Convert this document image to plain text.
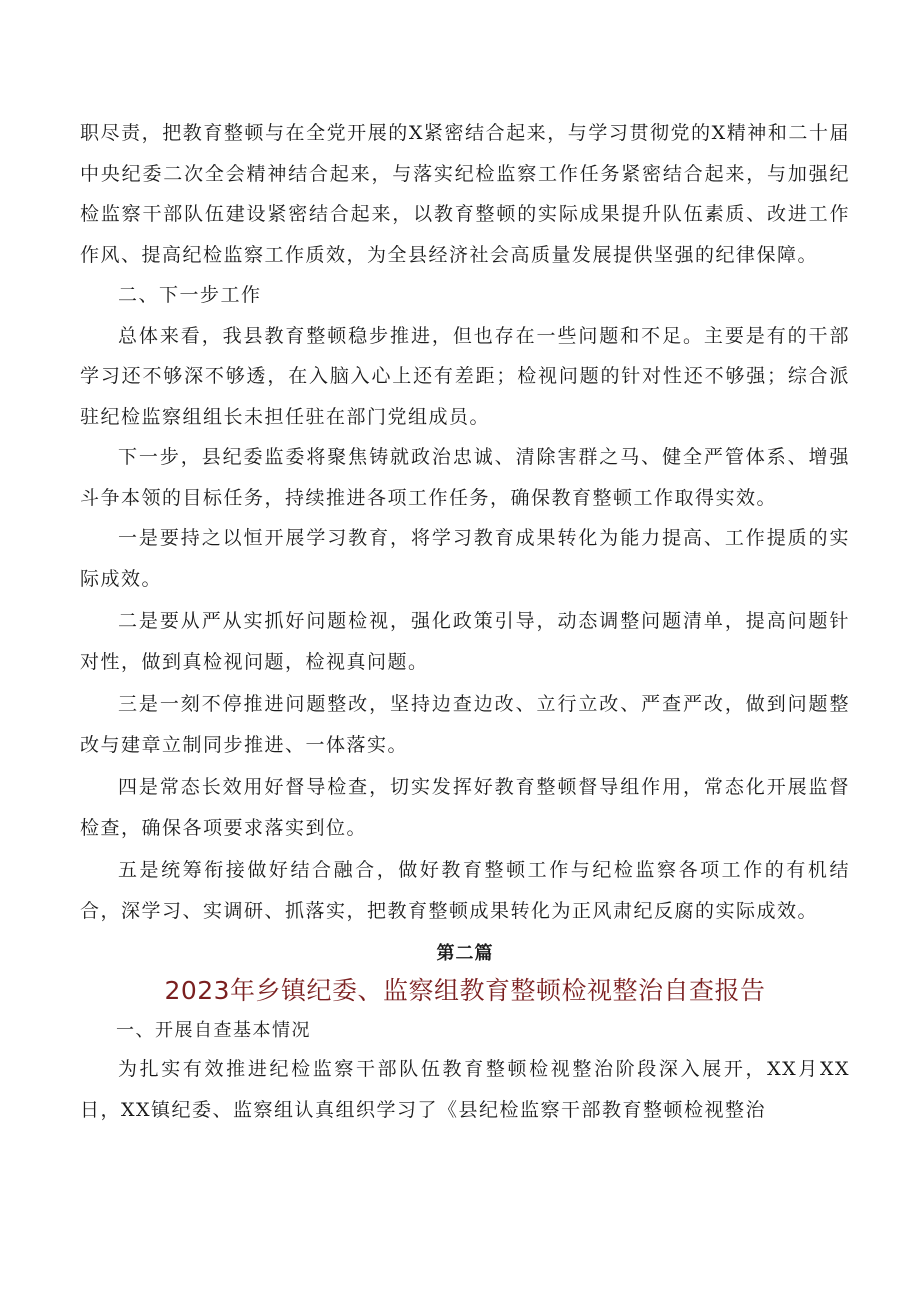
职尽责，把教育整顿与在全党开展的X紧密结合起来，与学习贯彻党的X精神和二十届中央纪委二次全会精神结合起来，与落实纪检监察工作任务紧密结合起来，与加强纪检监察干部队伍建设紧密结合起来，以教育整顿的实际成果提升队伍素质、改进工作作风、提高纪检监察工作质效，为全县经济社会高质量发展提供坚强的纪律保障。

二、下一步工作

总体来看，我县教育整顿稳步推进，但也存在一些问题和不足。主要是有的干部学习还不够深不够透，在入脑入心上还有差距；检视问题的针对性还不够强；综合派驻纪检监察组组长未担任驻在部门党组成员。

下一步，县纪委监委将聚焦铸就政治忠诚、清除害群之马、健全严管体系、增强斗争本领的目标任务，持续推进各项工作任务，确保教育整顿工作取得实效。

一是要持之以恒开展学习教育，将学习教育成果转化为能力提高、工作提质的实际成效。

二是要从严从实抓好问题检视，强化政策引导，动态调整问题清单，提高问题针对性，做到真检视问题，检视真问题。

三是一刻不停推进问题整改，坚持边查边改、立行立改、严查严改，做到问题整改与建章立制同步推进、一体落实。

四是常态长效用好督导检查，切实发挥好教育整顿督导组作用，常态化开展监督检查，确保各项要求落实到位。

五是统筹衔接做好结合融合，做好教育整顿工作与纪检监察各项工作的有机结合，深学习、实调研、抓落实，把教育整顿成果转化为正风肃纪反腐的实际成效。

第二篇

2023年乡镇纪委、监察组教育整顿检视整治自查报告

一、开展自查基本情况

为扎实有效推进纪检监察干部队伍教育整顿检视整治阶段深入展开，XX月XX日，XX镇纪委、监察组认真组织学习了《县纪检监察干部教育整顿检视整治
